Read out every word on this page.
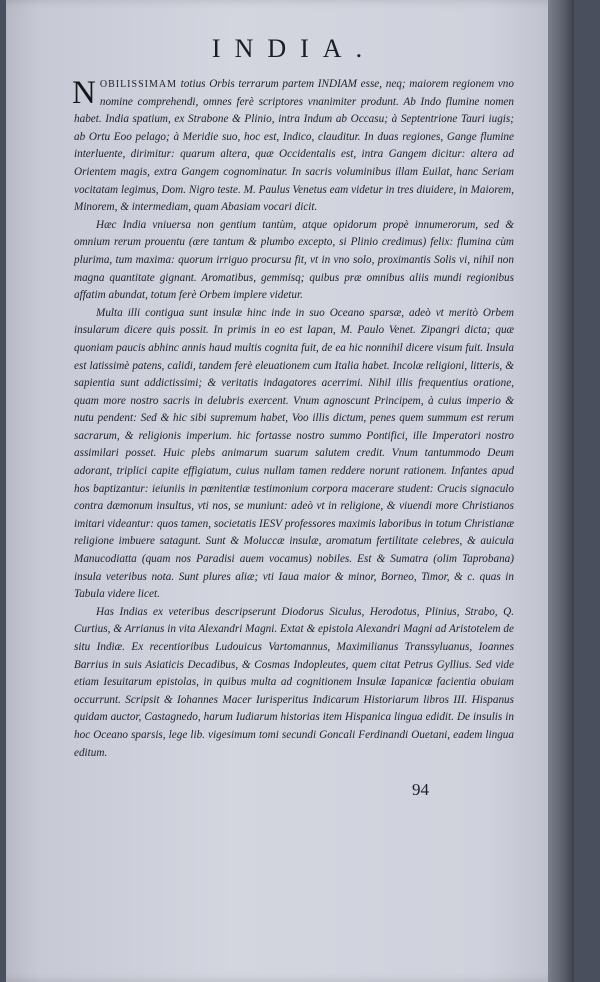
INDIA.

NOBILISSIMAM totius Orbis terrarum partem INDIAM esse, neq; maiorem regionem vno nomine comprehendi, omnes ferè scriptores vnanimiter produnt. Ab Indo flumine nomen habet. India spatium, ex Strabone & Plinio, intra Indum ab Occasu; à Septentrione Tauri iugis; ab Ortu Eoo pelago; à Meridie suo, hoc est, Indico, clauditur. In duas regiones, Gange flumine interluente, dirimitur: quarum altera, quæ Occidentalis est, intra Gangem dicitur: altera ad Orientem magis, extra Gangem cognominatur. In sacris voluminibus illam Euilat, hanc Seriam vocitatam legimus, Dom. Nigro teste. M. Paulus Venetus eam videtur in tres diuidere, in Maiorem, Minorem, & intermediam, quam Abasiam vocari dicit.

Hæc India vniuersa non gentium tantùm, atque opidorum propè innumerorum, sed & omnium rerum prouentu (ære tantum & plumbo excepto, si Plinio credimus) felix: flumina cùm plurima, tum maxima: quorum irriguo procursu fit, vt in vno solo, proximantis Solis vi, nihil non magna quantitate gignant. Aromatibus, gemmisq; quibus præ omnibus aliis mundi regionibus affatim abundat, totum ferè Orbem implere videtur.

Multa illi contigua sunt insulæ hinc inde in suo Oceano sparsæ, adeò vt meritò Orbem insularum dicere quis possit. In primis in eo est Iapan, M. Paulo Venet. Zipangri dicta; quæ quoniam paucis abhinc annis haud multis cognita fuit, de ea hic nonnihil dicere visum fuit. Insula est latissimè patens, calidi, tandem ferè eleuationem cum Italia habet. Incolæ religioni, litteris, & sapientia sunt addictissimi; & veritatis indagatores acerrimi. Nihil illis frequentius oratione, quam more nostro sacris in delubris exercent. Vnum agnoscunt Principem, à cuius imperio & nutu pendent: Sed & hic sibi supremum habet, Voo illis dictum, penes quem summum est rerum sacrarum, & religionis imperium. hic fortasse nostro summo Pontifici, ille Imperatori nostro assimilari posset. Huic plebs animarum suarum salutem credit. Vnum tantummodo Deum adorant, triplici capite effigiatum, cuius nullam tamen reddere norunt rationem. Infantes apud hos baptizantur: ieiuniis in pœnitentiæ testimonium corpora macerare student: Crucis signaculo contra dæmonum insultus, vti nos, se muniunt: adeò vt in religione, & viuendi more Christianos imitari videantur: quos tamen, societatis IESV professores maximis laboribus in totum Christianæ religione imbuere satagunt. Sunt & Moluccæ insulæ, aromatum fertilitate celebres, & auicula Manucodiatta (quam nos Paradisi auem vocamus) nobiles. Est & Sumatra (olim Taprobana) insula veteribus nota. Sunt plures aliæ; vti Iaua maior & minor, Borneo, Timor, & c. quas in Tabula videre licet.

Has Indias ex veteribus descripserunt Diodorus Siculus, Herodotus, Plinius, Strabo, Q. Curtius, & Arrianus in vita Alexandri Magni. Extat & epistola Alexandri Magni ad Aristotelem de situ Indiæ. Ex recentioribus Ludouicus Vartomannus, Maximilianus Transsyluanus, Ioannes Barrius in suis Asiaticis Decadibus, & Cosmas Indopleutes, quem citat Petrus Gyllius. Sed vide etiam Iesuitarum epistolas, in quibus multa ad cognitionem Insulæ Iapanicæ facientia obuiam occurrunt. Scripsit & Iohannes Macer Iurisperitus Indicarum Historiarum libros III. Hispanus quidam auctor, Castagnedo, harum Iudiarum historias item Hispanica lingua edidit. De insulis in hoc Oceano sparsis, lege lib. vigesimum tomi secundi Goncali Ferdinandi Ouetani, eadem lingua editum.

94
